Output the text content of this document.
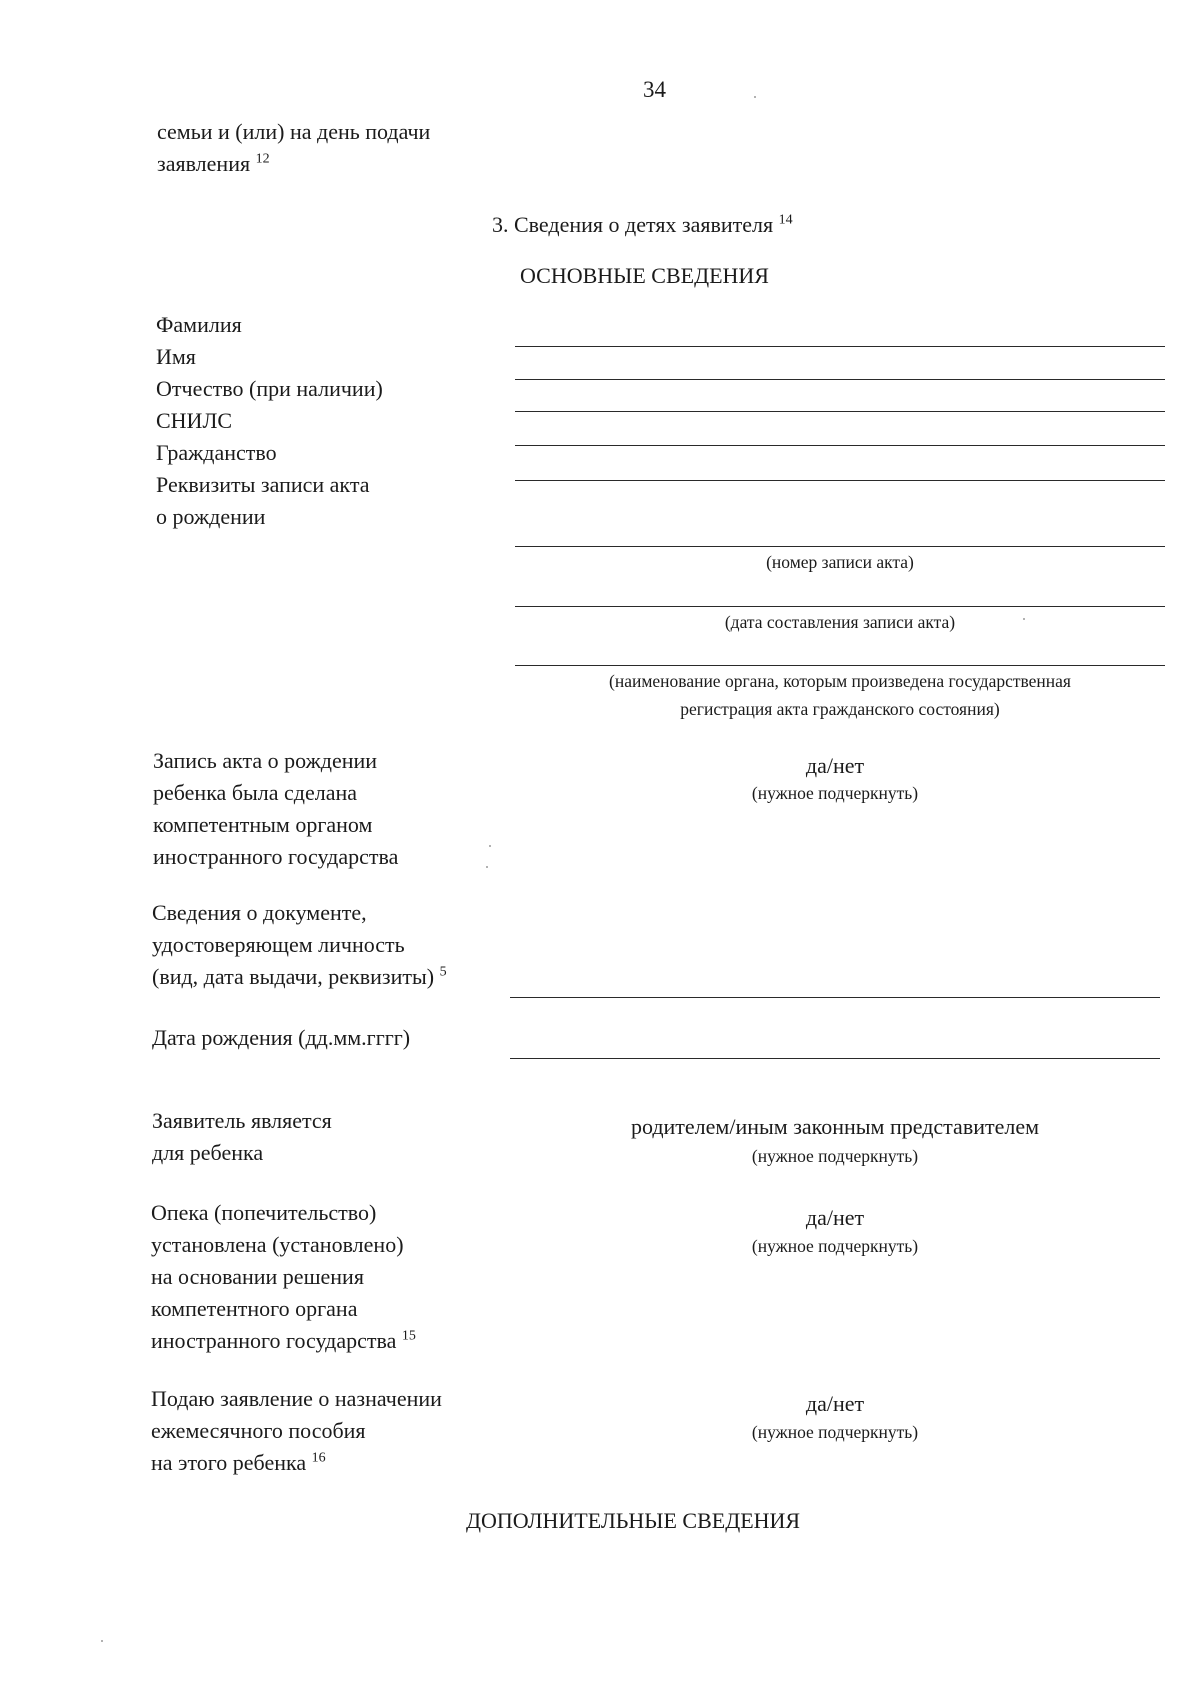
34
семьи и (или) на день подачи
заявления $^{12}$
3. Сведения о детях заявителя $^{14}$
ОСНОВНЫЕ СВЕДЕНИЯ
Фамилия
Имя
Отчество (при наличии)
СНИЛС
Гражданство
Реквизиты записи акта
о рождении
(номер записи акта)
(дата составления записи акта)
(наименование органа, которым произведена государственная
регистрация акта гражданского состояния)
Запись акта о рождении
ребенка была сделана
компетентным органом
иностранного государства
да/нет
(нужное подчеркнуть)
Сведения о документе,
удостоверяющем личность
(вид, дата выдачи, реквизиты) $^5$
Дата рождения (дд.мм.гггг)
Заявитель является
для ребенка
родителем/иным законным представителем
(нужное подчеркнуть)
Опека (попечительство)
установлена (установлено)
на основании решения
компетентного органа
иностранного государства $^{15}$
да/нет
(нужное подчеркнуть)
Подаю заявление о назначении
ежемесячного пособия
на этого ребенка $^{16}$
да/нет
(нужное подчеркнуть)
ДОПОЛНИТЕЛЬНЫЕ СВЕДЕНИЯ
